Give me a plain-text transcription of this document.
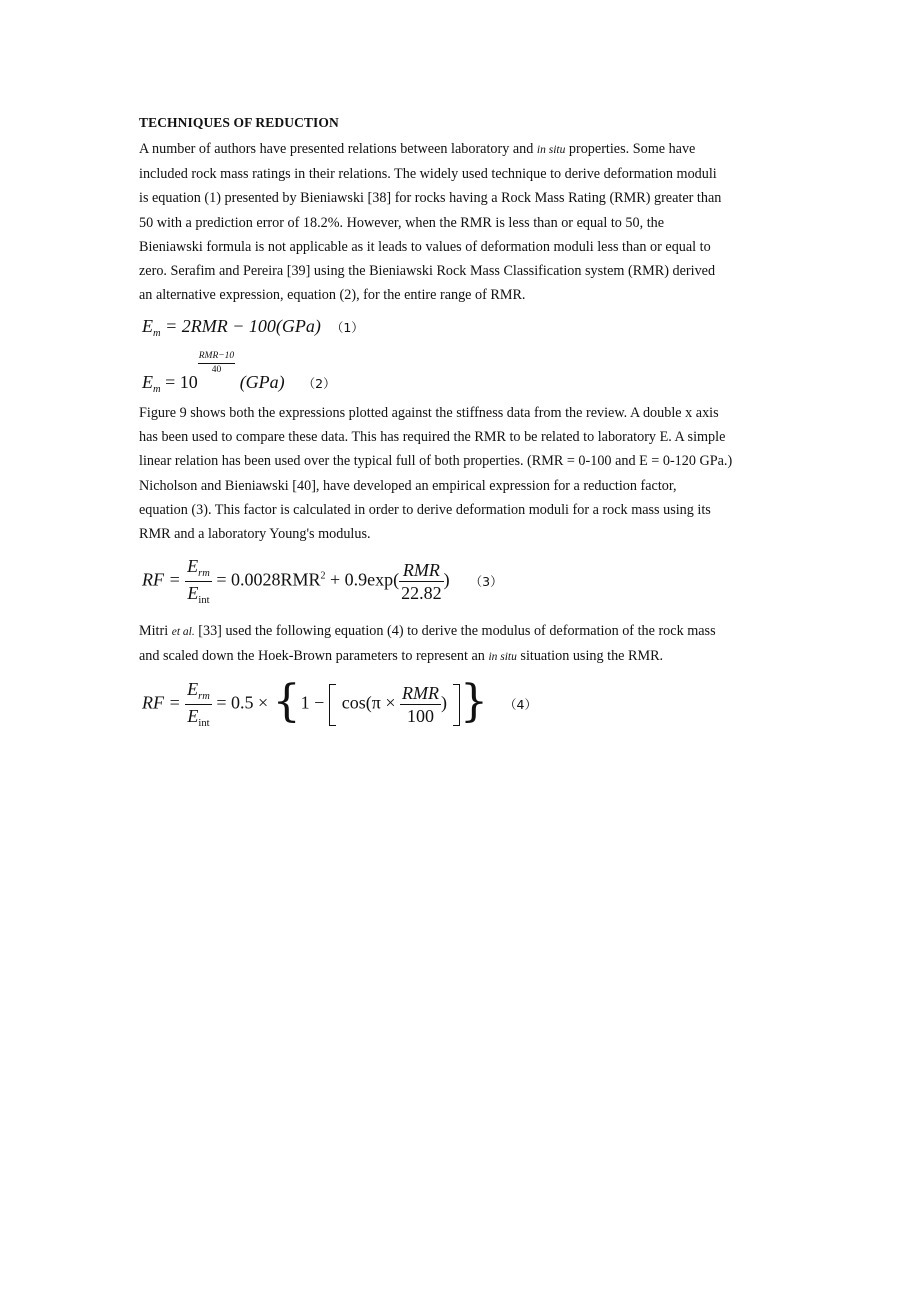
TECHNIQUES OF REDUCTION

A number of authors have presented relations between laboratory and in situ properties. Some have
included rock mass ratings in their relations. The widely used technique to derive deformation moduli
is equation (1) presented by Bieniawski [38] for rocks having a Rock Mass Rating (RMR) greater than
50 with a prediction error of 18.2%. However, when the RMR is less than or equal to 50, the
Bieniawski formula is not applicable as it leads to values of deformation moduli less than or equal to
zero. Serafim and Pereira [39] using the Bieniawski Rock Mass Classification system (RMR) derived
an alternative expression, equation (2), for the entire range of RMR.

$E_m = 2RMR - 100(GPa)$ （1）
$E_m = 10$
RMR−10
40
(GPa) （2）

Figure 9 shows both the expressions plotted against the stiffness data from the review. A double x axis
has been used to compare these data. This has required the RMR to be related to laboratory E. A simple
linear relation has been used over the typical full of both properties. (RMR = 0-100 and E = 0-120 GPa.)
Nicholson and Bieniawski [40], have developed an empirical expression for a reduction factor,
equation (3). This factor is calculated in order to derive deformation moduli for a rock mass using its
RMR and a laboratory Young's modulus.

RF = $\frac{E_{rm}}{E_{int}} = 0.0028RMR^2 + 0.9\exp( \frac{\text{RMR}}{22.82}$ ) （3）

Mitri et al. [33] used the following equation (4) to derive the modulus of deformation of the rock mass
and scaled down the Hoek-Brown parameters to represent an in situ situation using the RMR.

RF = $\frac{E_{rm}}{E_{int}} = 0.5 \times \{1 - \cos(\pi \times \frac{\text{RMR}}{100}$ ) } （4）
